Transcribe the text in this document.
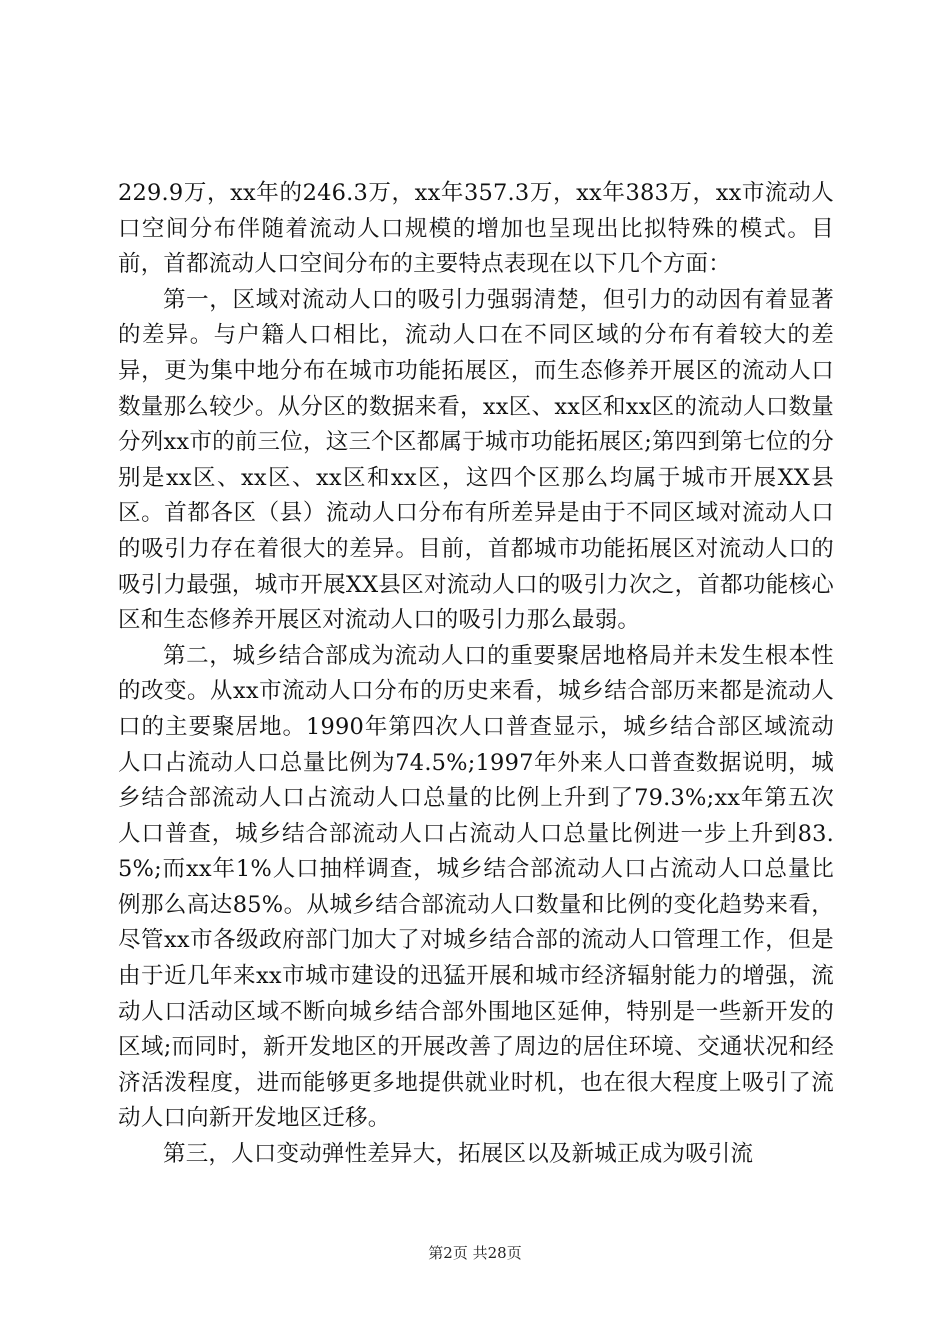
229.9万，xx年的246.3万，xx年357.3万，xx年383万，xx市流动人口空间分布伴随着流动人口规模的增加也呈现出比拟特殊的模式。目前，首都流动人口空间分布的主要特点表现在以下几个方面：

第一，区域对流动人口的吸引力强弱清楚，但引力的动因有着显著的差异。与户籍人口相比，流动人口在不同区域的分布有着较大的差异，更为集中地分布在城市功能拓展区，而生态修养开展区的流动人口数量那么较少。从分区的数据来看，xx区、xx区和xx区的流动人口数量分列xx市的前三位，这三个区都属于城市功能拓展区;第四到第七位的分别是xx区、xx区、xx区和xx区，这四个区那么均属于城市开展XX县区。首都各区（县）流动人口分布有所差异是由于不同区域对流动人口的吸引力存在着很大的差异。目前，首都城市功能拓展区对流动人口的吸引力最强，城市开展XX县区对流动人口的吸引力次之，首都功能核心区和生态修养开展区对流动人口的吸引力那么最弱。

第二，城乡结合部成为流动人口的重要聚居地格局并未发生根本性的改变。从xx市流动人口分布的历史来看，城乡结合部历来都是流动人口的主要聚居地。1990年第四次人口普查显示，城乡结合部区域流动人口占流动人口总量比例为74.5%;1997年外来人口普查数据说明，城乡结合部流动人口占流动人口总量的比例上升到了79.3%;xx年第五次人口普查，城乡结合部流动人口占流动人口总量比例进一步上升到83.5%;而xx年1%人口抽样调查，城乡结合部流动人口占流动人口总量比例那么高达85%。从城乡结合部流动人口数量和比例的变化趋势来看，尽管xx市各级政府部门加大了对城乡结合部的流动人口管理工作，但是由于近几年来xx市城市建设的迅猛开展和城市经济辐射能力的增强，流动人口活动区域不断向城乡结合部外围地区延伸，特别是一些新开发的区域;而同时，新开发地区的开展改善了周边的居住环境、交通状况和经济活泼程度，进而能够更多地提供就业时机，也在很大程度上吸引了流动人口向新开发地区迁移。

第三，人口变动弹性差异大，拓展区以及新城正成为吸引流

第2页 共28页
